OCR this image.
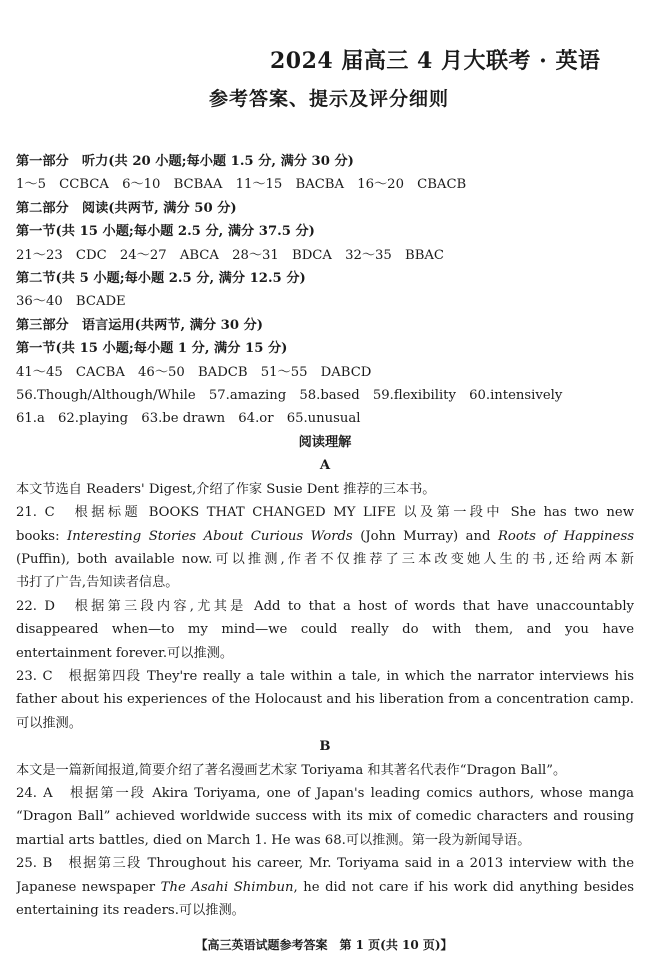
2024 届高三 4 月大联考 · 英语
参考答案、提示及评分细则
第一部分　听力(共 20 小题;每小题 1.5 分, 满分 30 分)
1～5　CCBCA　6～10　BCBAA　11～15　BACBA　16～20　CBACB
第二部分　阅读(共两节, 满分 50 分)
第一节(共 15 小题;每小题 2.5 分, 满分 37.5 分)
21～23　CDC　24～27　ABCA　28～31　BDCA　32～35　BBAC
第二节(共 5 小题;每小题 2.5 分, 满分 12.5 分)
36～40　BCADE
第三部分　语言运用(共两节, 满分 30 分)
第一节(共 15 小题;每小题 1 分, 满分 15 分)
41～45　CACBA　46～50　BADCB　51～55　DABCD
56.Though/Although/While　57.amazing　58.based　59.flexibility　60.intensively
61.a　62.playing　63.be drawn　64.or　65.unusual
阅读理解
A
本文节选自 Readers' Digest,介绍了作家 Susie Dent 推荐的三本书。
21. C　根据标题 BOOKS THAT CHANGED MY LIFE 以及第一段中 She has two new
books: Interesting Stories About Curious Words (John Murray) and Roots of Happiness
(Puffin), both available now.可以推测,作者不仅推荐了三本改变她人生的书,还给两本新
书打了广告,告知读者信息。
22. D　根据第三段内容,尤其是 Add to that a host of words that have unaccountably
disappeared when—to my mind—we could really do with them, and you have
entertainment forever.可以推测。
23. C　根据第四段 They're really a tale within a tale, in which the narrator interviews his
father about his experiences of the Holocaust and his liberation from a concentration camp.
可以推测。
B
本文是一篇新闻报道,简要介绍了著名漫画艺术家 Toriyama 和其著名代表作“Dragon Ball”。
24. A　根据第一段 Akira Toriyama, one of Japan's leading comics authors, whose manga
“Dragon Ball” achieved worldwide success with its mix of comedic characters and rousing
martial arts battles, died on March 1. He was 68.可以推测。第一段为新闻导语。
25. B　根据第三段 Throughout his career, Mr. Toriyama said in a 2013 interview with the
Japanese newspaper The Asahi Shimbun, he did not care if his work did anything besides
entertaining its readers.可以推测。
【高三英语试题参考答案　第 1 页(共 10 页)】
